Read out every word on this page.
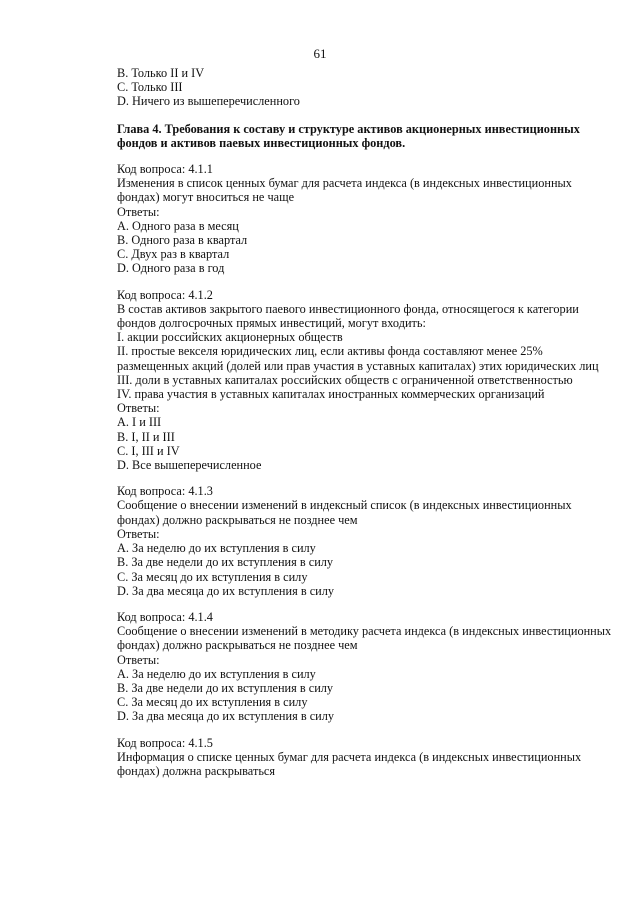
61
B. Только II и IV
C. Только III
D. Ничего из вышеперечисленного
Глава 4. Требования к составу и структуре активов акционерных инвестиционных фондов и активов паевых инвестиционных фондов.
Код вопроса: 4.1.1
Изменения в список ценных бумаг для расчета индекса (в индексных инвестиционных фондах) могут вноситься не чаще
Ответы:
A. Одного раза в месяц
B. Одного раза в квартал
C. Двух раз в квартал
D. Одного раза в год
Код вопроса: 4.1.2
В состав активов закрытого паевого инвестиционного фонда, относящегося к категории фондов долгосрочных прямых инвестиций, могут входить:
I. акции российских акционерных обществ
II. простые векселя юридических лиц, если активы фонда составляют менее 25% размещенных акций (долей или прав участия в уставных капиталах) этих юридических лиц
III. доли в уставных капиталах российских обществ с ограниченной ответственностью
IV. права участия в уставных капиталах иностранных коммерческих организаций
Ответы:
A. I и III
B. I, II и III
C. I, III и IV
D. Все вышеперечисленное
Код вопроса: 4.1.3
Сообщение о внесении изменений в индексный список (в индексных инвестиционных фондах) должно раскрываться не позднее чем
Ответы:
A. За неделю до их вступления в силу
B. За две недели до их вступления в силу
C. За месяц до их вступления в силу
D. За два месяца до их вступления в силу
Код вопроса: 4.1.4
Сообщение о внесении изменений в методику расчета индекса (в индексных инвестиционных фондах) должно раскрываться не позднее чем
Ответы:
A. За неделю до их вступления в силу
B. За две недели до их вступления в силу
C. За месяц до их вступления в силу
D. За два месяца до их вступления в силу
Код вопроса: 4.1.5
Информация о списке ценных бумаг для расчета индекса (в индексных инвестиционных фондах) должна раскрываться
